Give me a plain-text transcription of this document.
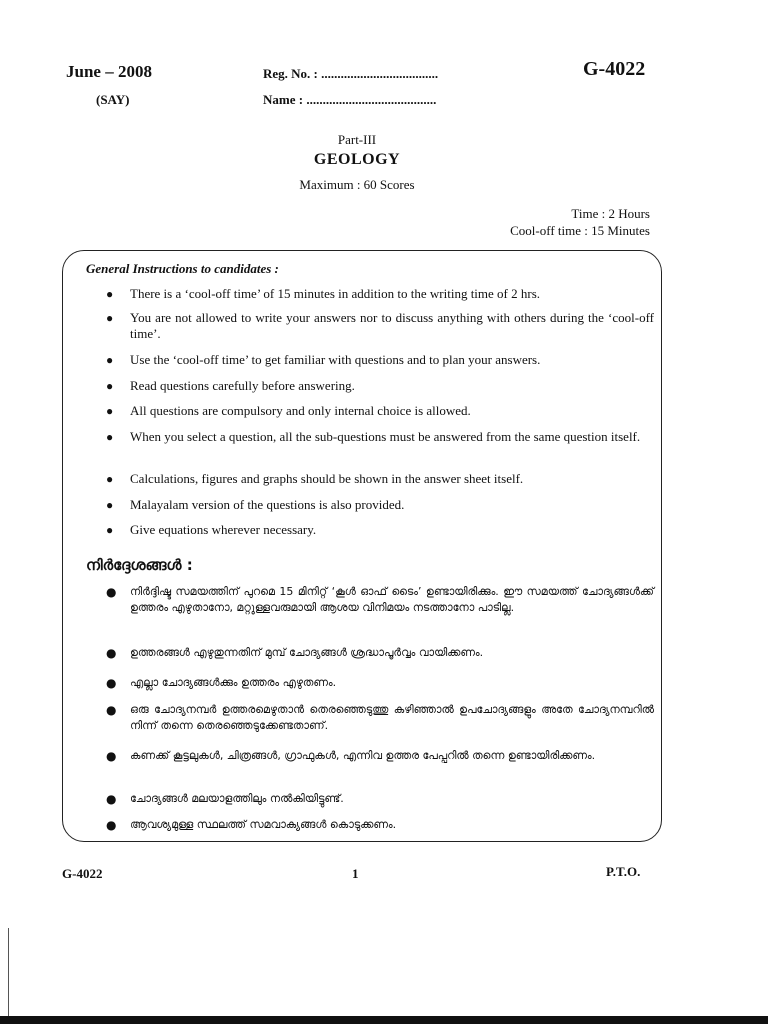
June – 2008
(SAY)
Reg. No. : ....................................
Name : ........................................
G-4022
Part-III
GEOLOGY
Maximum : 60 Scores
Time : 2 Hours
Cool-off time : 15 Minutes
General Instructions to candidates :
●	There is a ‘cool-off time’ of 15 minutes in addition to the writing time of 2 hrs.
●	You are not allowed to write your answers nor to discuss anything with others during the ‘cool-off time’.
●	Use the ‘cool-off time’ to get familiar with questions and to plan your answers.
●	Read questions carefully before answering.
●	All questions are compulsory and only internal choice is allowed.
●	When you select a question, all the sub-questions must be answered from the same question itself.
●	Calculations, figures and graphs should be shown in the answer sheet itself.
●	Malayalam version of the questions is also provided.
●	Give equations wherever necessary.
നിർദ്ദേശങ്ങൾ :
●	നിർദ്ദിഷ്ട സമയത്തിന് പുറമെ 15 മിനിറ്റ് ‘കൂൾ ഓഫ് ടൈം’ ഉണ്ടായിരിക്കും. ഈ സമയത്ത് ചോദ്യങ്ങൾക്ക് ഉത്തരം എഴുതാനോ, മറ്റുള്ളവരുമായി ആശയ വിനിമയം നടത്താനോ പാടില്ല.
●	ഉത്തരങ്ങൾ എഴുതുന്നതിന് മുമ്പ് ചോദ്യങ്ങൾ ശ്രദ്ധാപൂർവ്വം വായിക്കണം.
●	എല്ലാ ചോദ്യങ്ങൾക്കും ഉത്തരം എഴുതണം.
●	ഒരു ചോദ്യനമ്പർ ഉത്തരമെഴുതാൻ തെരഞ്ഞെടുത്തു കഴിഞ്ഞാൽ ഉപചോദ്യങ്ങളും അതേ ചോദ്യനമ്പറിൽ നിന്ന് തന്നെ തെരഞ്ഞെടുക്കേണ്ടതാണ്.
●	കണക്ക് കൂട്ടലുകൾ, ചിത്രങ്ങൾ, ഗ്രാഫുകൾ, എന്നിവ ഉത്തര പേപ്പറിൽ തന്നെ ഉണ്ടായിരിക്കണം.
●	ചോദ്യങ്ങൾ മലയാളത്തിലും നൽകിയിട്ടുണ്ട്.
●	ആവശ്യമുള്ള സ്ഥലത്ത് സമവാക്യങ്ങൾ കൊടുക്കണം.
G-4022	1	P.T.O.
